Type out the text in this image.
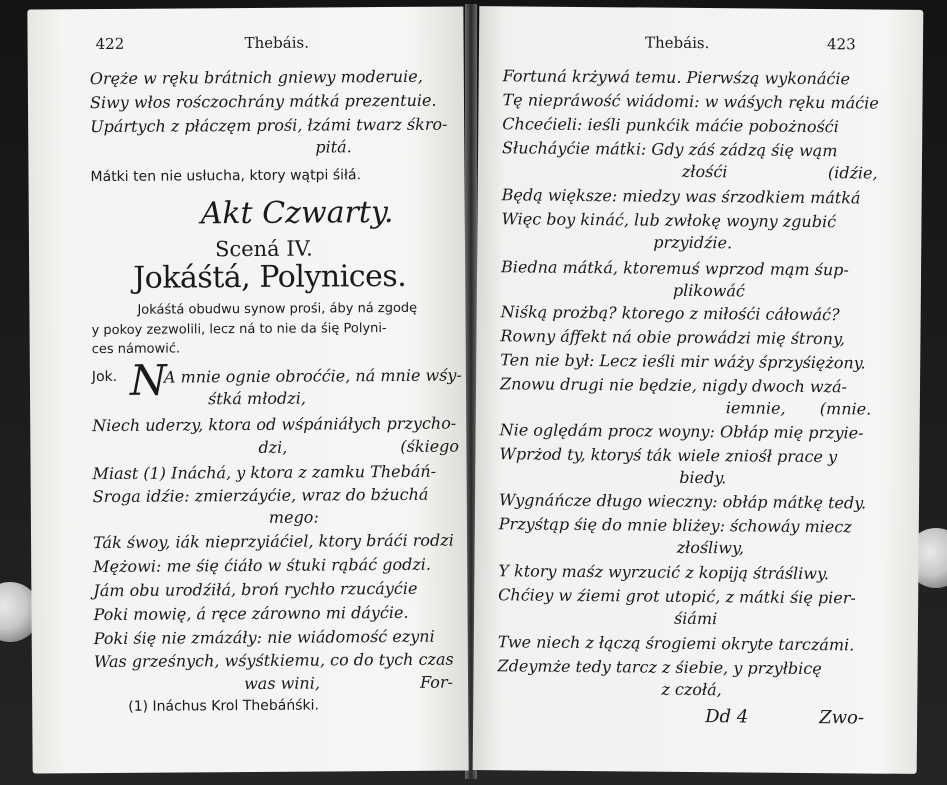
422	Thebáis.
Oręże w ręku brátnich gniewy moderuie,
Siwy włos rośczochrány mátká prezentuie.
Upártych z płáczęm prośi, łzámi twarz śkro-
pitá.
Mátki ten nie usłucha, ktory wątpi śiłá.
Akt Czwarty.
Scená IV.
Jokáśtá, Polynices.
Jokáśtá obudwu synow prośi, áby ná zgodę
y pokoy zezwolili, lecz ná to nie da śię Polyni-
ces námowić.
Jok. N
A mnie ognie obroććie, ná mnie wśy-
śtká młodzi,
Niech uderzy, ktora od wśpániáłych przycho-
dzi,	(śkiego
Miast (1) Ináchá, y ktora z zamku Thebáń-
Sroga idźie: zmierzáyćie, wraz do bżuchá
mego:
Ták śwoy, iák nieprzyiáćiel, ktory bráći rodzi
Mężowi: me śię ćiáło w śtuki rąbáć godzi.
Jám obu urodźiłá, broń rychło rzucáyćie
Poki mowię, á ręce zárowno mi dáyćie.
Poki śię nie zmázáły: nie wiádomość ezyni
Was grześnych, wśyśtkiemu, co do tych czas
was wini,	For-
(1) Ináchus Krol Thebáńśki.
Thebáis.	423
Fortuná krżywá temu. Pierwśzą wykonáćie
Tę niepráwość wiádomi: w wáśych ręku máćie
Chcećieli: ieśli punkćik máćie pobożnośći
Słucháyćie mátki: Gdy záś zádzą śię wąm
złośći	(idźie,
Będą większe: miedzy was śrzodkiem mátká
Więc boy kináć, lub zwłokę woyny zgubić
przyidźie.
Biedna mátká, ktoremuś wprzod mąm śup-
plikowáć
Niśką prożbą? ktorego z miłośći cáłowáć?
Rowny áffekt ná obie prowádzi mię śtrony,
Ten nie był: Lecz ieśli mir wáży śprzyśiężony.
Znowu drugi nie będzie, nigdy dwoch wzá-
iemnie, (mnie.
Nie oględám procz woyny: Obłáp mię przyie-
Wprżod ty, ktoryś ták wiele zniośł prace y
biedy.
Wygnáńcze długo wieczny: obłáp mátkę tedy.
Przyśtąp śię do mnie bliżey: śchowáy miecz
złośliwy,
Y ktory maśz wyrzucić z kopiją śtráśliwy.
Chćiey w źiemi grot utopić, z mátki śię pier-
śiámi
Twe niech z łączą śrogiemi okryte tarczámi.
Zdeymże tedy tarcz z śiebie, y przyłbicę
z czołá,
Dd 4	Zwo-
